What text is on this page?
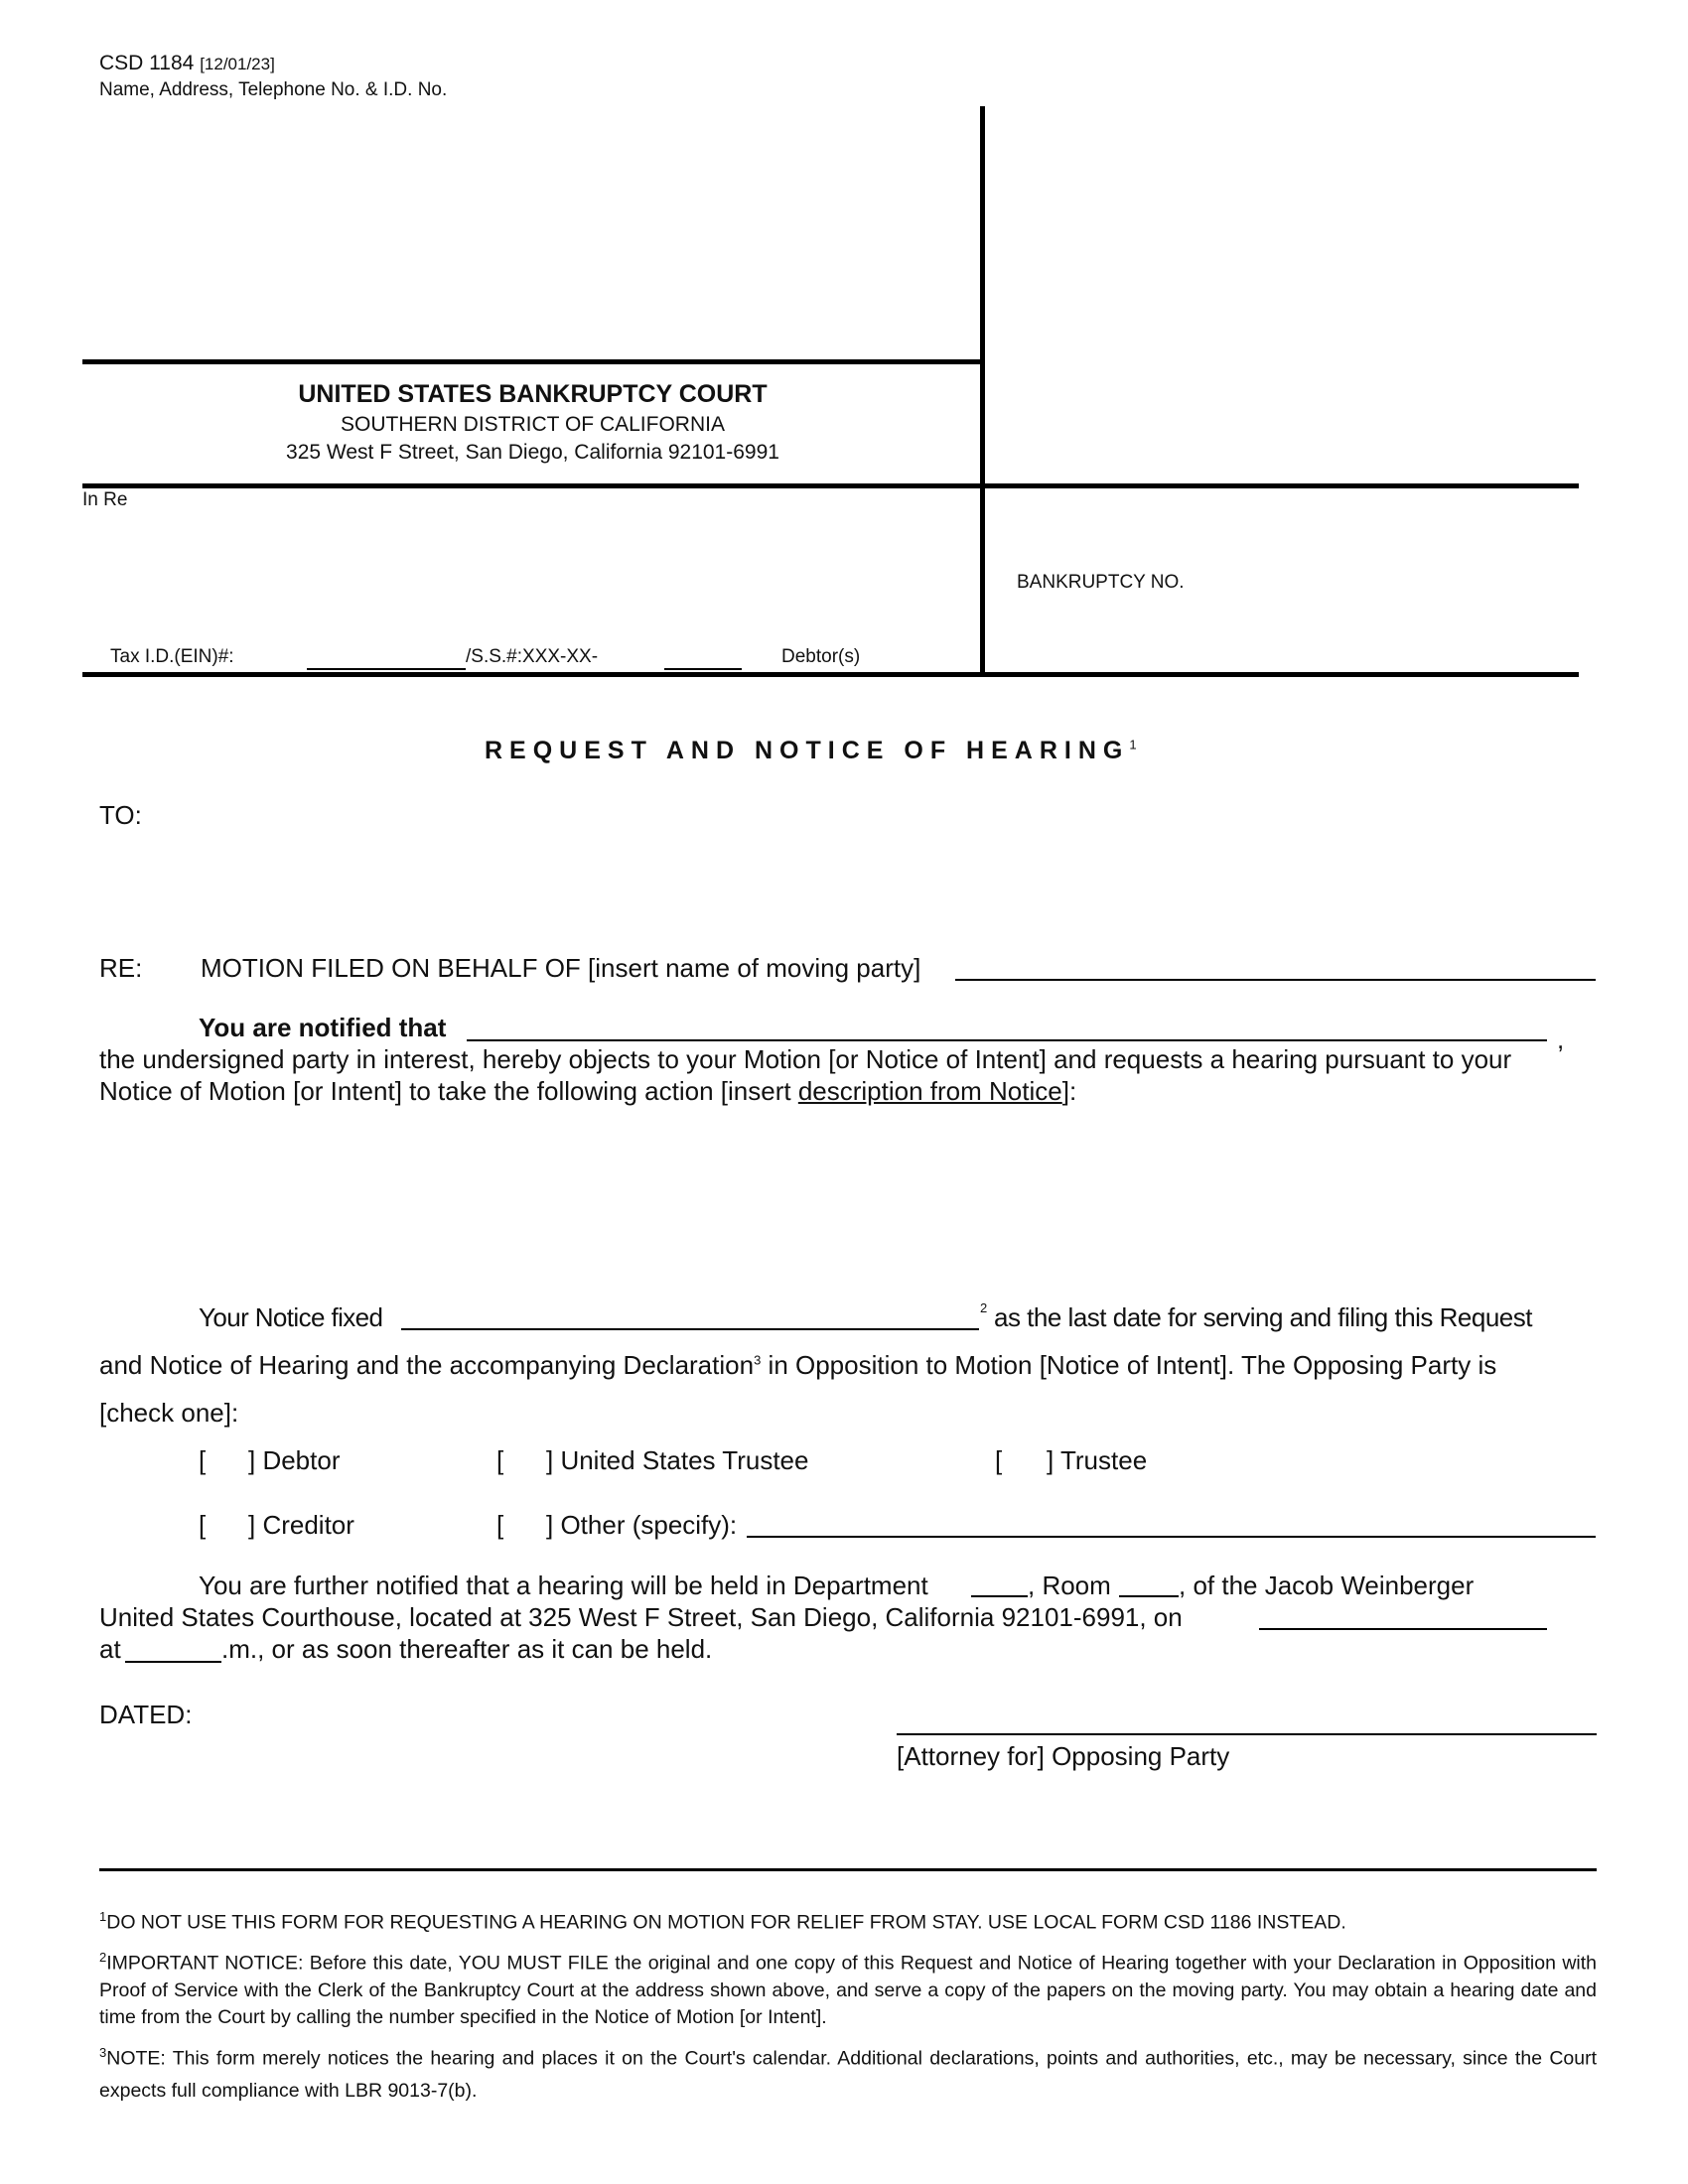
CSD 1184 [12/01/23]
Name, Address, Telephone No. & I.D. No.
UNITED STATES BANKRUPTCY COURT
SOUTHERN DISTRICT OF CALIFORNIA
325 West F Street, San Diego, California 92101-6991
In Re
BANKRUPTCY NO.
Tax I.D.(EIN)#:	/S.S.#:XXX-XX-	Debtor(s)
REQUEST AND NOTICE OF HEARING$^1$
TO:
RE: MOTION FILED ON BEHALF OF [insert name of moving party]
You are notified that	,
the undersigned party in interest, hereby objects to your Motion [or Notice of Intent] and requests a hearing pursuant to your
Notice of Motion [or Intent] to take the following action [insert description from Notice]:
Your Notice fixed	2 as the last date for serving and filing this Request
and Notice of Hearing and the accompanying Declaration$^3$ in Opposition to Motion [Notice of Intent]. The Opposing Party is
[check one]:
[ ] Debtor	[ ] United States Trustee	[ ] Trustee
[ ] Creditor	[ ] Other (specify):
You are further notified that a hearing will be held in Department	, Room	, of the Jacob Weinberger
United States Courthouse, located at 325 West F Street, San Diego, California 92101-6991, on
at	.m., or as soon thereafter as it can be held.
DATED:
[Attorney for] Opposing Party
$^1$DO NOT USE THIS FORM FOR REQUESTING A HEARING ON MOTION FOR RELIEF FROM STAY. USE LOCAL FORM CSD 1186 INSTEAD.
$^2$IMPORTANT NOTICE: Before this date, YOU MUST FILE the original and one copy of this Request and Notice of Hearing together with your Declaration in Opposition with Proof of Service with the Clerk of the Bankruptcy Court at the address shown above, and serve a copy of the papers on the moving party. You may obtain a hearing date and time from the Court by calling the number specified in the Notice of Motion [or Intent].
$^3$NOTE: This form merely notices the hearing and places it on the Court's calendar. Additional declarations, points and authorities, etc., may be necessary, since the Court expects full compliance with LBR 9013-7(b).
